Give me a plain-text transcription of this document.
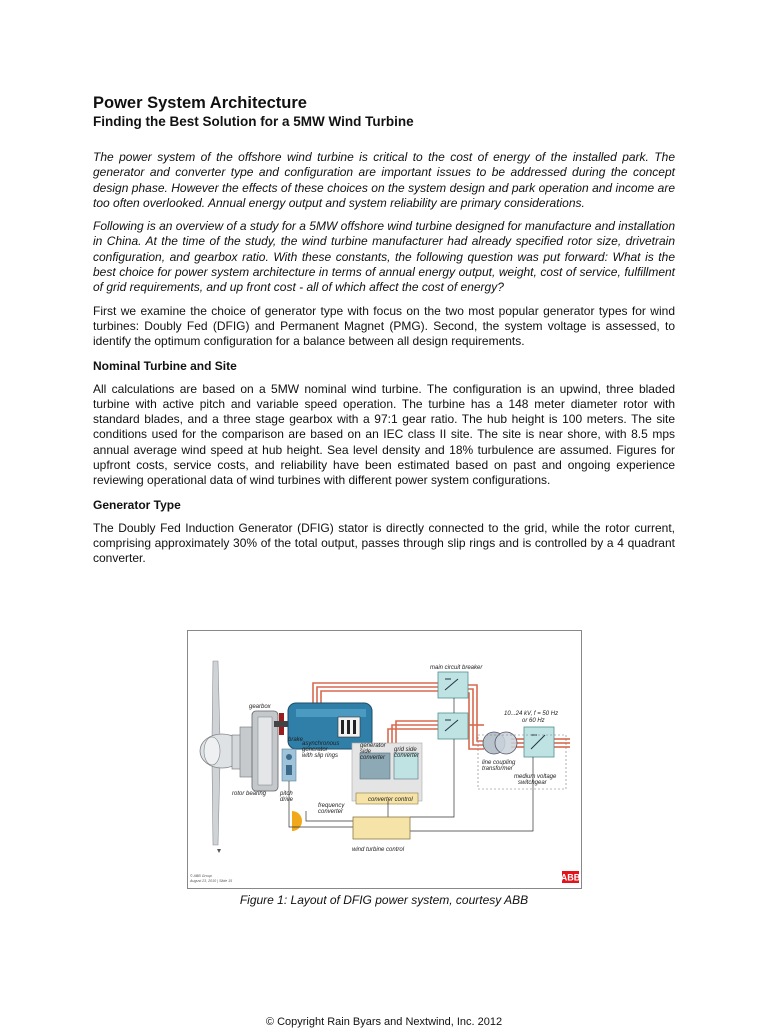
Power System Architecture
Finding the Best Solution for a 5MW Wind Turbine

The power system of the offshore wind turbine is critical to the cost of energy of the installed park. The generator and converter type and configuration are important issues to be addressed during the concept design phase. However the effects of these choices on the system design and park operation and income are too often overlooked. Annual energy output and system reliability are primary considerations.

Following is an overview of a study for a 5MW offshore wind turbine designed for manufacture and installation in China. At the time of the study, the wind turbine manufacturer had already specified rotor size, drivetrain configuration, and gearbox ratio. With these constants, the following question was put forward: What is the best choice for power system architecture in terms of annual energy output, weight, cost of service, fulfillment of grid requirements, and up front cost - all of which affect the cost of energy?

First we examine the choice of generator type with focus on the two most popular generator types for wind turbines: Doubly Fed (DFIG) and Permanent Magnet (PMG). Second, the system voltage is assessed, to identify the optimum configuration for a balance between all design requirements.

Nominal Turbine and Site

All calculations are based on a 5MW nominal wind turbine. The configuration is an upwind, three bladed turbine with active pitch and variable speed operation. The turbine has a 148 meter diameter rotor with standard blades, and a three stage gearbox with a 97:1 gear ratio. The hub height is 100 meters. The site conditions used for the comparison are based on an IEC class II site. The site is near shore, with 8.5 mps annual average wind speed at hub height. Sea level density and 18% turbulence are assumed. Figures for upfront costs, service costs, and reliability have been estimated based on past and ongoing experience reviewing operational data of wind turbines with different power system configurations.

Generator Type

The Doubly Fed Induction Generator (DFIG) stator is directly connected to the grid, while the rotor current, comprising approximately 30% of the total output, passes through slip rings and is controlled by a 4 quadrant converter.

main circuit breaker
gearbox
brake
asynchronous
generator
with slip rings
generator
side
converter
grid side
converter
10...24 kV, f = 50 Hz
or 60 Hz
line coupling
transformer
medium voltage
switchgear
rotor bearing pitch
drive
frequency
converter
converter control
wind turbine control
© ABB Group
August 23, 2010 | Slide 15	ABB
Figure 1: Layout of DFIG power system, courtesy ABB
© Copyright Rain Byars and Nextwind, Inc. 2012
